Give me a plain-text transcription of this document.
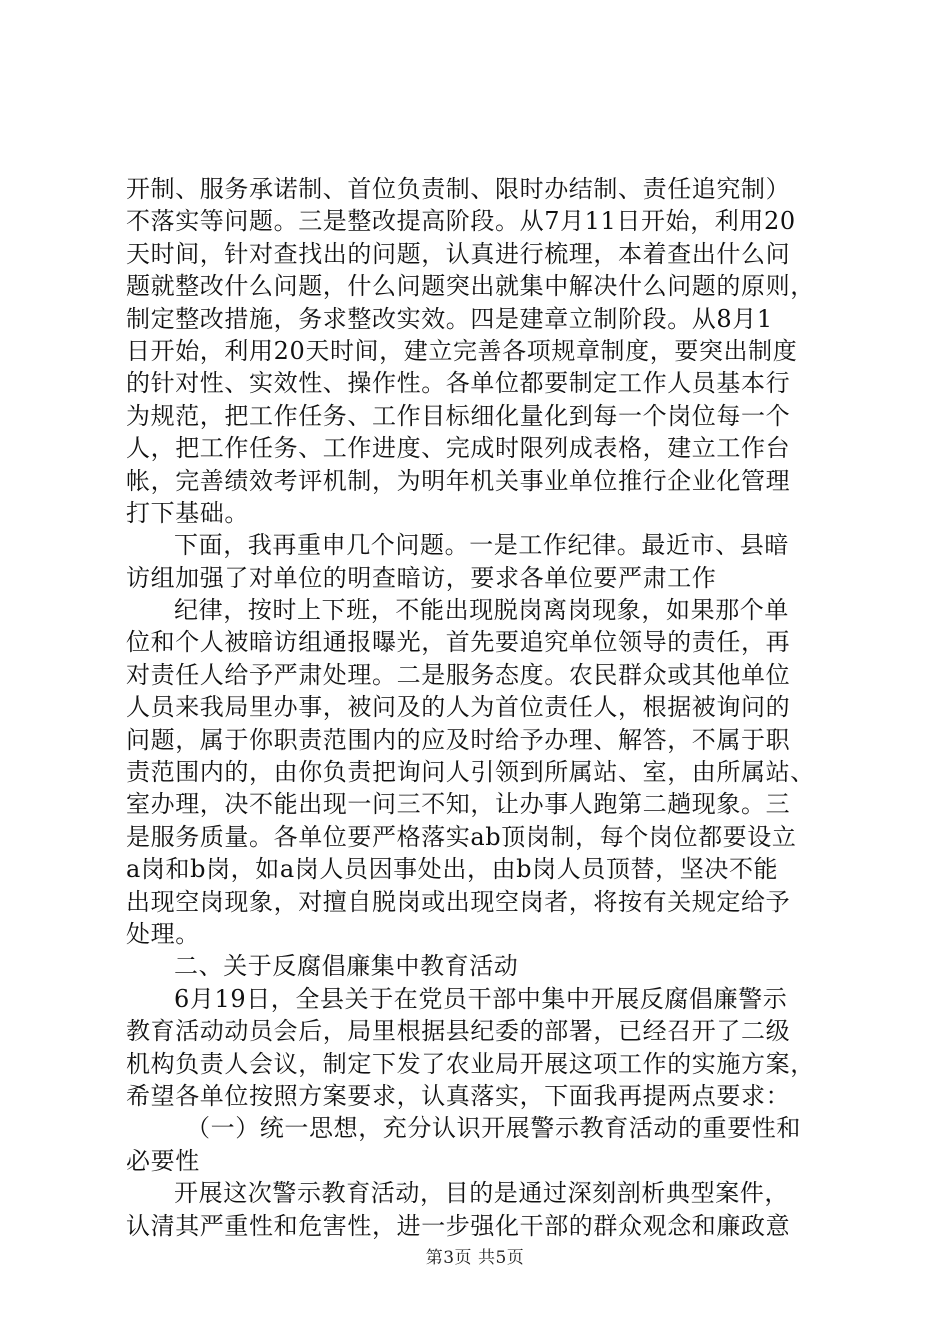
开制、服务承诺制、首位负责制、限时办结制、责任追究制）
不落实等问题。三是整改提高阶段。从7月11日开始，利用20
天时间，针对查找出的问题，认真进行梳理，本着查出什么问
题就整改什么问题，什么问题突出就集中解决什么问题的原则，
制定整改措施，务求整改实效。四是建章立制阶段。从8月1
日开始，利用20天时间，建立完善各项规章制度，要突出制度
的针对性、实效性、操作性。各单位都要制定工作人员基本行
为规范，把工作任务、工作目标细化量化到每一个岗位每一个
人，把工作任务、工作进度、完成时限列成表格，建立工作台
帐，完善绩效考评机制，为明年机关事业单位推行企业化管理
打下基础。
下面，我再重申几个问题。一是工作纪律。最近市、县暗
访组加强了对单位的明查暗访，要求各单位要严肃工作
纪律，按时上下班，不能出现脱岗离岗现象，如果那个单
位和个人被暗访组通报曝光，首先要追究单位领导的责任，再
对责任人给予严肃处理。二是服务态度。农民群众或其他单位
人员来我局里办事，被问及的人为首位责任人，根据被询问的
问题，属于你职责范围内的应及时给予办理、解答，不属于职
责范围内的，由你负责把询问人引领到所属站、室，由所属站、
室办理，决不能出现一问三不知，让办事人跑第二趟现象。三
是服务质量。各单位要严格落实ab顶岗制，每个岗位都要设立
a岗和b岗，如a岗人员因事处出，由b岗人员顶替，坚决不能
出现空岗现象，对擅自脱岗或出现空岗者，将按有关规定给予
处理。
二、关于反腐倡廉集中教育活动
6月19日，全县关于在党员干部中集中开展反腐倡廉警示
教育活动动员会后，局里根据县纪委的部署，已经召开了二级
机构负责人会议，制定下发了农业局开展这项工作的实施方案，
希望各单位按照方案要求，认真落实，下面我再提两点要求：
（一）统一思想，充分认识开展警示教育活动的重要性和
必要性
开展这次警示教育活动，目的是通过深刻剖析典型案件，
认清其严重性和危害性，进一步强化干部的群众观念和廉政意
第3页 共5页
